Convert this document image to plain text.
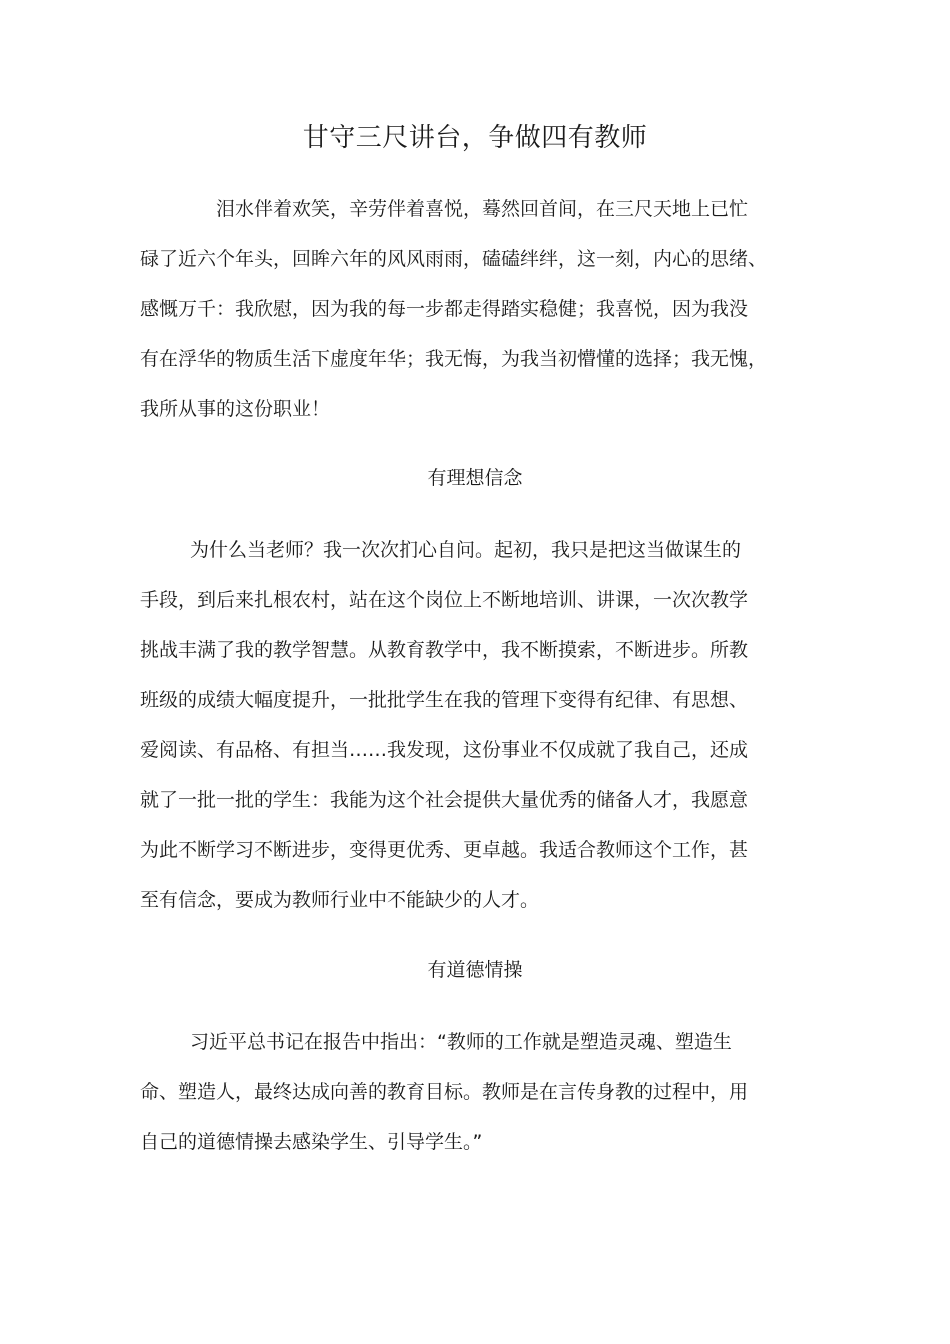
甘守三尺讲台，争做四有教师
泪水伴着欢笑，辛劳伴着喜悦，蓦然回首间，在三尺天地上已忙
碌了近六个年头，回眸六年的风风雨雨，磕磕绊绊，这一刻，内心的思绪、
感慨万千：我欣慰，因为我的每一步都走得踏实稳健；我喜悦，因为我没
有在浮华的物质生活下虚度年华；我无悔，为我当初懵懂的选择；我无愧，
我所从事的这份职业！
有理想信念
为什么当老师？我一次次扪心自问。起初，我只是把这当做谋生的
手段，到后来扎根农村，站在这个岗位上不断地培训、讲课，一次次教学
挑战丰满了我的教学智慧。从教育教学中，我不断摸索，不断进步。所教
班级的成绩大幅度提升，一批批学生在我的管理下变得有纪律、有思想、
爱阅读、有品格、有担当……我发现，这份事业不仅成就了我自己，还成
就了一批一批的学生：我能为这个社会提供大量优秀的储备人才，我愿意
为此不断学习不断进步，变得更优秀、更卓越。我适合教师这个工作，甚
至有信念，要成为教师行业中不能缺少的人才。
有道德情操
习近平总书记在报告中指出：“教师的工作就是塑造灵魂、塑造生
命、塑造人，最终达成向善的教育目标。教师是在言传身教的过程中，用
自己的道德情操去感染学生、引导学生。”
